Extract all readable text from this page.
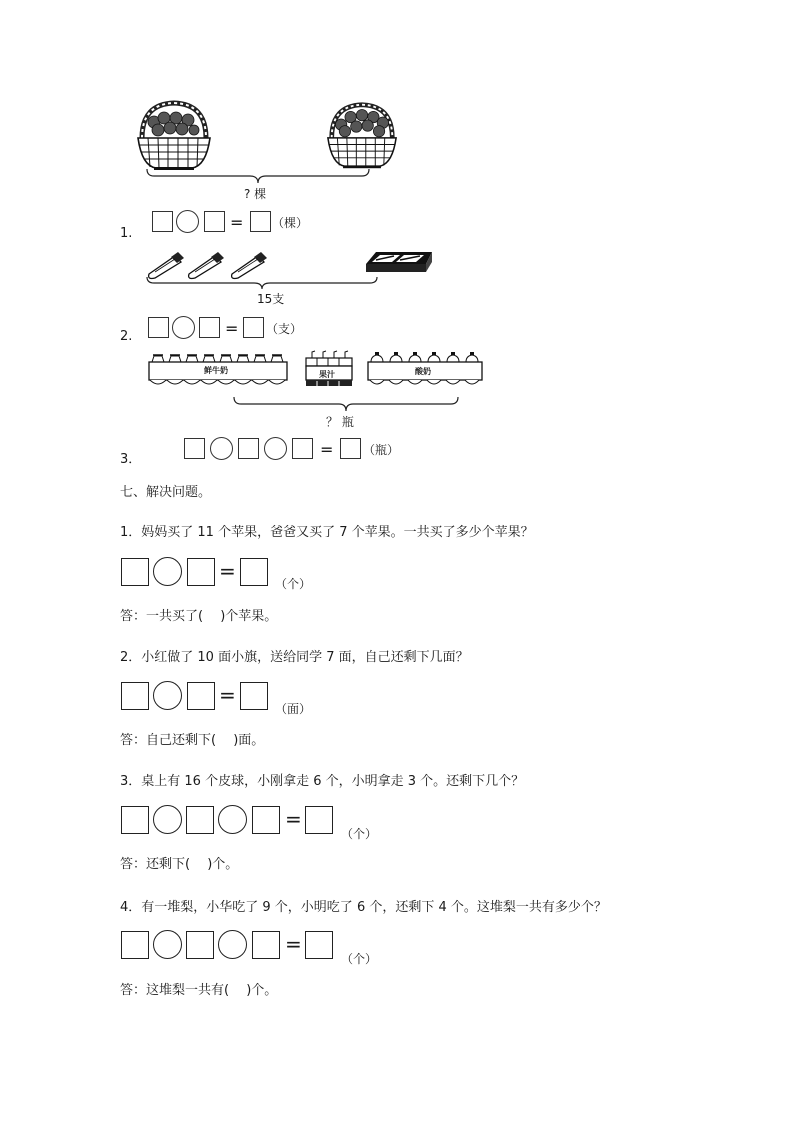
? 棵
1.
= （棵）
15支
2.	= （支）
鲜牛奶	果汁	酸奶
？ 瓶
3．
= （瓶）
七、解决问题。
1．妈妈买了 11 个苹果，爸爸又买了 7 个苹果。一共买了多少个苹果？
=
（个）
答：一共买了(　 )个苹果。
2．小红做了 10 面小旗，送给同学 7 面，自己还剩下几面？
=
（面）
答：自己还剩下(　 )面。
3．桌上有 16 个皮球，小刚拿走 6 个，小明拿走 3 个。还剩下几个？
=
（个）
答：还剩下(　 )个。
4．有一堆梨，小华吃了 9 个，小明吃了 6 个，还剩下 4 个。这堆梨一共有多少个？
=
（个）
答：这堆梨一共有(　 )个。
